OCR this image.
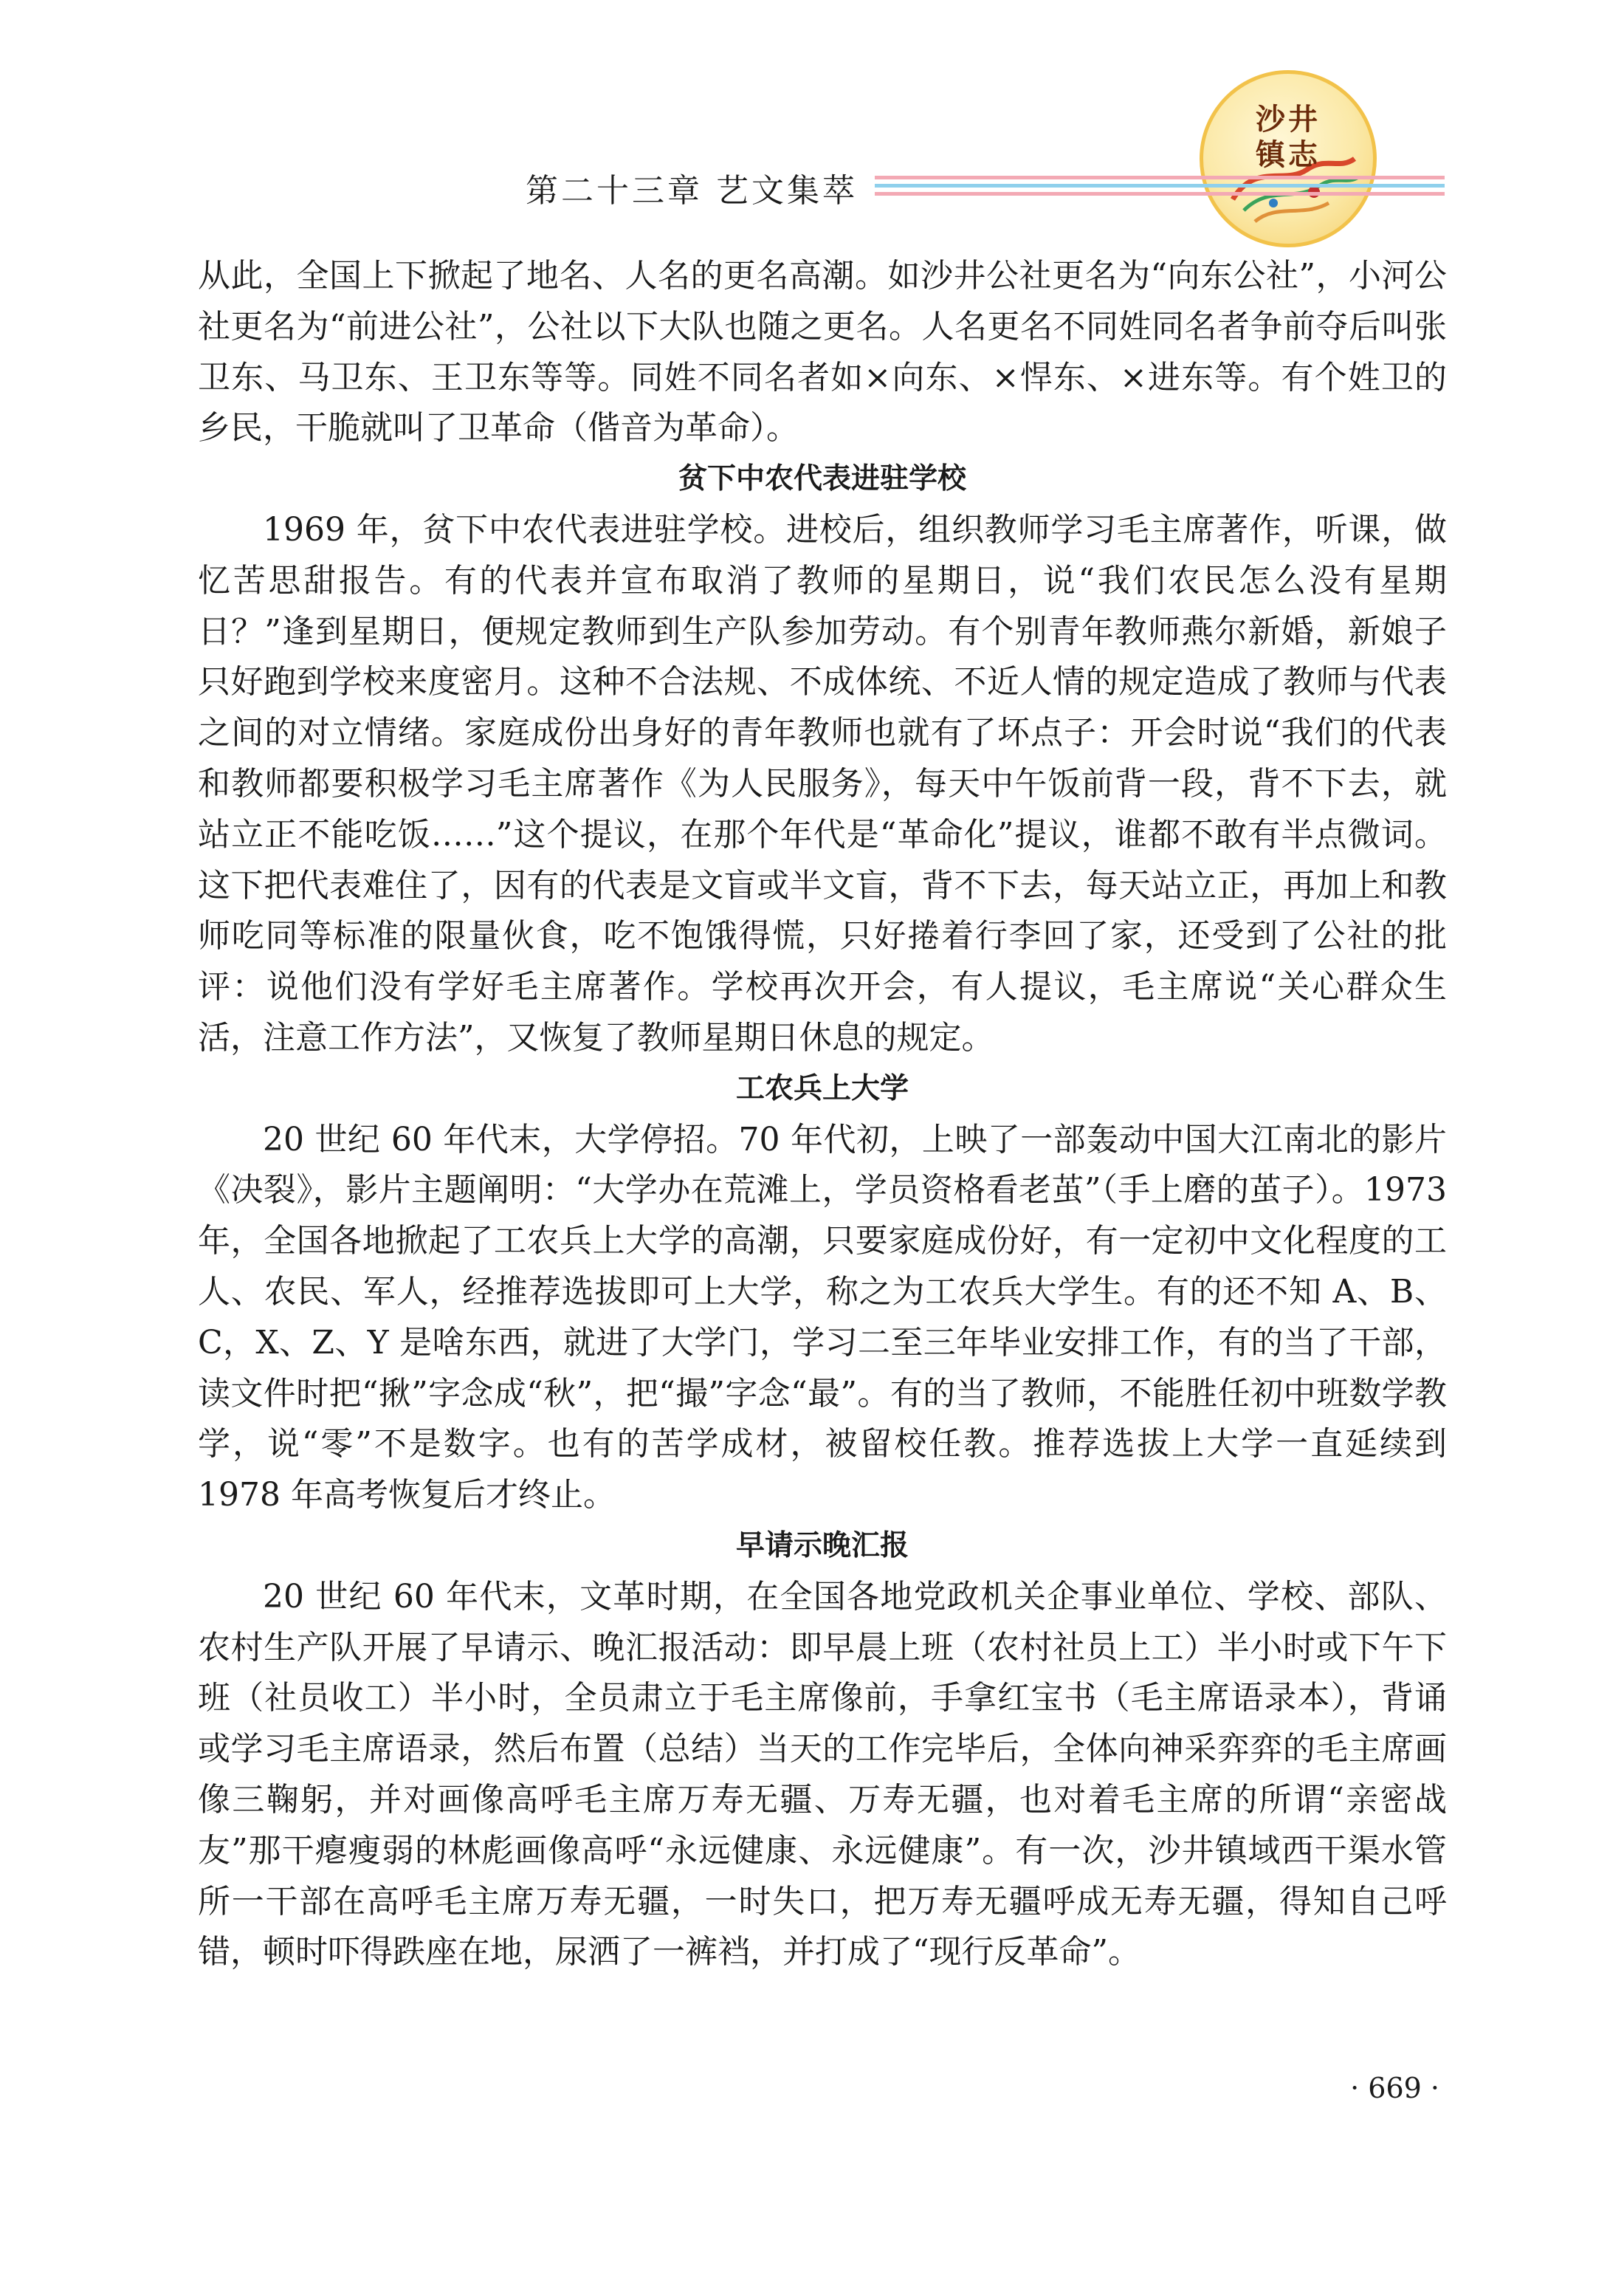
沙井
镇志
第二十三章 艺文集萃

从此，全国上下掀起了地名、人名的更名高潮。如沙井公社更名为“向东公社”，小河公社更名为“前进公社”，公社以下大队也随之更名。人名更名不同姓同名者争前夺后叫张卫东、马卫东、王卫东等等。同姓不同名者如×向东、×悍东、×进东等。有个姓卫的乡民，干脆就叫了卫革命（偕音为革命）。

贫下中农代表进驻学校

1969 年，贫下中农代表进驻学校。进校后，组织教师学习毛主席著作，听课，做忆苦思甜报告。有的代表并宣布取消了教师的星期日，说“我们农民怎么没有星期日？”逢到星期日，便规定教师到生产队参加劳动。有个别青年教师燕尔新婚，新娘子只好跑到学校来度密月。这种不合法规、不成体统、不近人情的规定造成了教师与代表之间的对立情绪。家庭成份出身好的青年教师也就有了坏点子：开会时说“我们的代表和教师都要积极学习毛主席著作《为人民服务》，每天中午饭前背一段，背不下去，就站立正不能吃饭……”这个提议，在那个年代是“革命化”提议，谁都不敢有半点微词。这下把代表难住了，因有的代表是文盲或半文盲，背不下去，每天站立正，再加上和教师吃同等标准的限量伙食，吃不饱饿得慌，只好捲着行李回了家，还受到了公社的批评：说他们没有学好毛主席著作。学校再次开会，有人提议，毛主席说“关心群众生活，注意工作方法”，又恢复了教师星期日休息的规定。

工农兵上大学

20 世纪 60 年代末，大学停招。70 年代初，上映了一部轰动中国大江南北的影片《决裂》，影片主题阐明：“大学办在荒滩上，学员资格看老茧”（手上磨的茧子）。1973 年，全国各地掀起了工农兵上大学的高潮，只要家庭成份好，有一定初中文化程度的工人、农民、军人，经推荐选拔即可上大学，称之为工农兵大学生。有的还不知 A、B、C，X、Z、Y 是啥东西，就进了大学门，学习二至三年毕业安排工作，有的当了干部，读文件时把“揪”字念成“秋”，把“撮”字念“最”。有的当了教师，不能胜任初中班数学教学，说“零”不是数字。也有的苦学成材，被留校任教。推荐选拔上大学一直延续到 1978 年高考恢复后才终止。

早请示晚汇报

20 世纪 60 年代末，文革时期，在全国各地党政机关企事业单位、学校、部队、农村生产队开展了早请示、晚汇报活动：即早晨上班（农村社员上工）半小时或下午下班（社员收工）半小时，全员肃立于毛主席像前，手拿红宝书（毛主席语录本），背诵或学习毛主席语录，然后布置（总结）当天的工作完毕后，全体向神采弈弈的毛主席画像三鞠躬，并对画像高呼毛主席万寿无疆、万寿无疆，也对着毛主席的所谓“亲密战友”那干瘪瘦弱的林彪画像高呼“永远健康、永远健康”。有一次，沙井镇域西干渠水管所一干部在高呼毛主席万寿无疆，一时失口，把万寿无疆呼成无寿无疆，得知自己呼错，顿时吓得跌座在地，尿洒了一裤裆，并打成了“现行反革命”。

· 669 ·
